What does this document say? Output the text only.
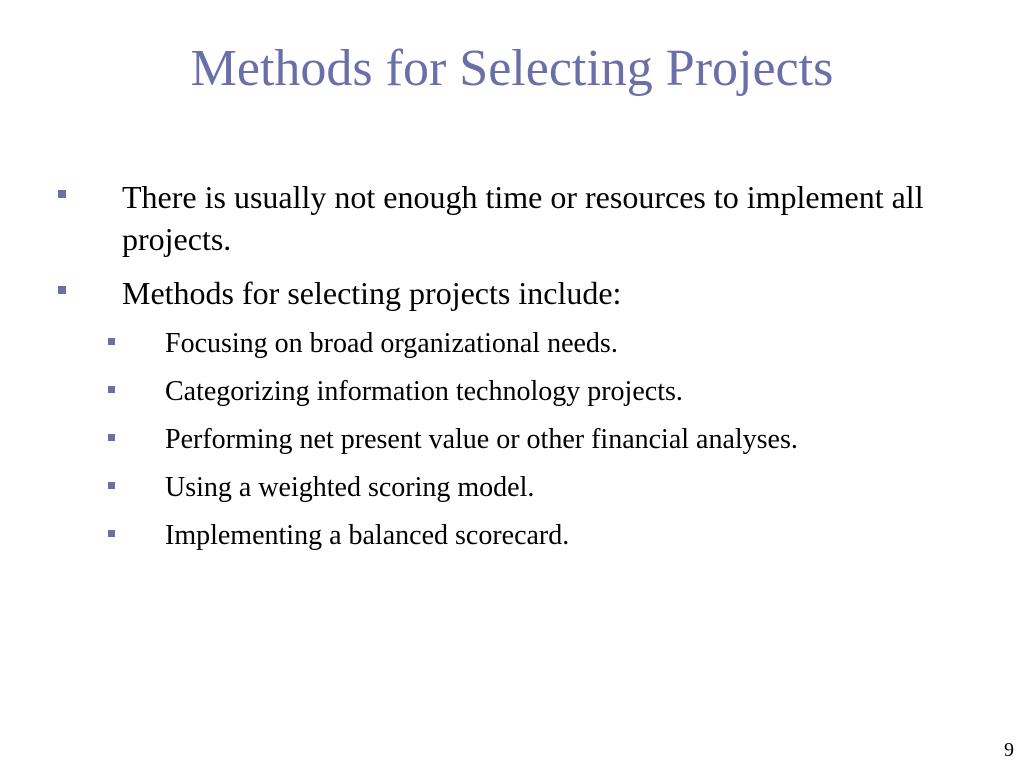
Methods for Selecting Projects
There is usually not enough time or resources to implement all projects.
Methods for selecting projects include:
Focusing on broad organizational needs.
Categorizing information technology projects.
Performing net present value or other financial analyses.
Using a weighted scoring model.
Implementing a balanced scorecard.
9
